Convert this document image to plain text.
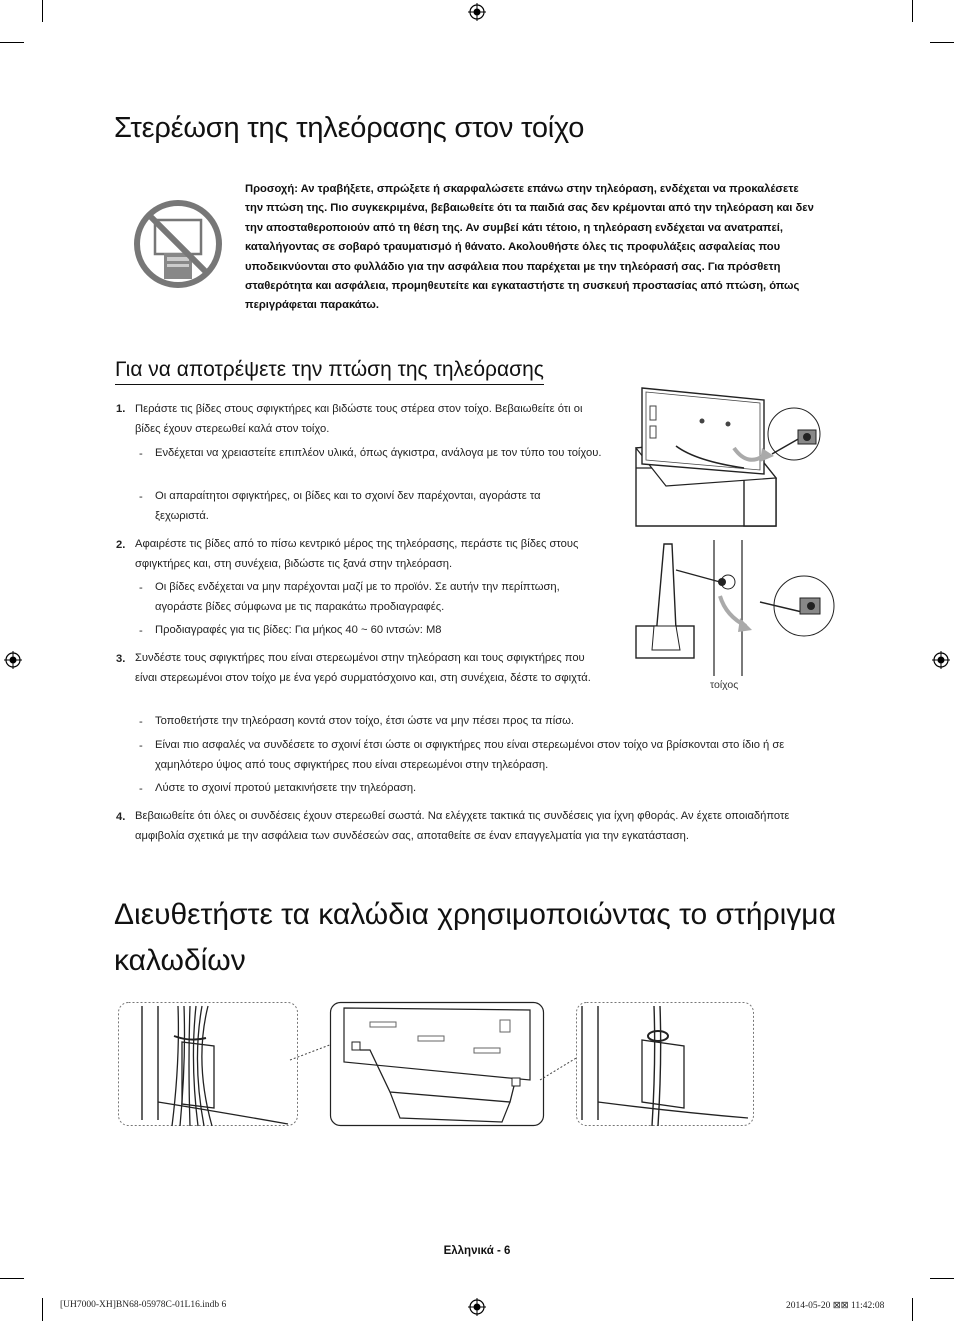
Στερέωση της τηλεόρασης στον τοίχο
Προσοχή: Αν τραβήξετε, σπρώξετε ή σκαρφαλώσετε επάνω στην τηλεόραση, ενδέχεται να προκαλέσετε την πτώση της. Πιο συγκεκριμένα, βεβαιωθείτε ότι τα παιδιά σας δεν κρέμονται από την τηλεόραση και δεν την αποσταθεροποιούν από τη θέση της. Αν συμβεί κάτι τέτοιο, η τηλεόραση ενδέχεται να ανατραπεί, καταλήγοντας σε σοβαρό τραυματισμό ή θάνατο. Ακολουθήστε όλες τις προφυλάξεις ασφαλείας που υποδεικνύονται στο φυλλάδιο για την ασφάλεια που παρέχεται με την τηλεόρασή σας. Για πρόσθετη σταθερότητα και ασφάλεια, προμηθευτείτε και εγκαταστήστε τη συσκευή προστασίας από πτώση, όπως περιγράφεται παρακάτω.
Για να αποτρέψετε την πτώση της τηλεόρασης
1. Περάστε τις βίδες στους σφιγκτήρες και βιδώστε τους στέρεα στον τοίχο. Βεβαιωθείτε ότι οι βίδες έχουν στερεωθεί καλά στον τοίχο.
- Ενδέχεται να χρειαστείτε επιπλέον υλικά, όπως άγκιστρα, ανάλογα με τον τύπο του τοίχου.
- Οι απαραίτητοι σφιγκτήρες, οι βίδες και το σχοινί δεν παρέχονται, αγοράστε τα ξεχωριστά.
2. Αφαιρέστε τις βίδες από το πίσω κεντρικό μέρος της τηλεόρασης, περάστε τις βίδες στους σφιγκτήρες και, στη συνέχεια, βιδώστε τις ξανά στην τηλεόραση.
- Οι βίδες ενδέχεται να μην παρέχονται μαζί με το προϊόν. Σε αυτήν την περίπτωση, αγοράστε βίδες σύμφωνα με τις παρακάτω προδιαγραφές.
- Προδιαγραφές για τις βίδες: Για μήκος 40 ~ 60 ιντσών: M8
3. Συνδέστε τους σφιγκτήρες που είναι στερεωμένοι στην τηλεόραση και τους σφιγκτήρες που είναι στερεωμένοι στον τοίχο με ένα γερό συρματόσχοινο και, στη συνέχεια, δέστε το σφιχτά.
- Τοποθετήστε την τηλεόραση κοντά στον τοίχο, έτσι ώστε να μην πέσει προς τα πίσω.
- Είναι πιο ασφαλές να συνδέσετε το σχοινί έτσι ώστε οι σφιγκτήρες που είναι στερεωμένοι στον τοίχο να βρίσκονται στο ίδιο ή σε χαμηλότερο ύψος από τους σφιγκτήρες που είναι στερεωμένοι στην τηλεόραση.
- Λύστε το σχοινί προτού μετακινήσετε την τηλεόραση.
4. Βεβαιωθείτε ότι όλες οι συνδέσεις έχουν στερεωθεί σωστά. Να ελέγχετε τακτικά τις συνδέσεις για ίχνη φθοράς. Αν έχετε οποιαδήποτε αμφιβολία σχετικά με την ασφάλεια των συνδέσεών σας, αποταθείτε σε έναν επαγγελματία για την εγκατάσταση.
τοίχος
Διευθετήστε τα καλώδια χρησιμοποιώντας το στήριγμα καλωδίων
Ελληνικά - 6
[UH7000-XH]BN68-05978C-01L16.indb 6	2014-05-20 ⊠⊠ 11:42:08
